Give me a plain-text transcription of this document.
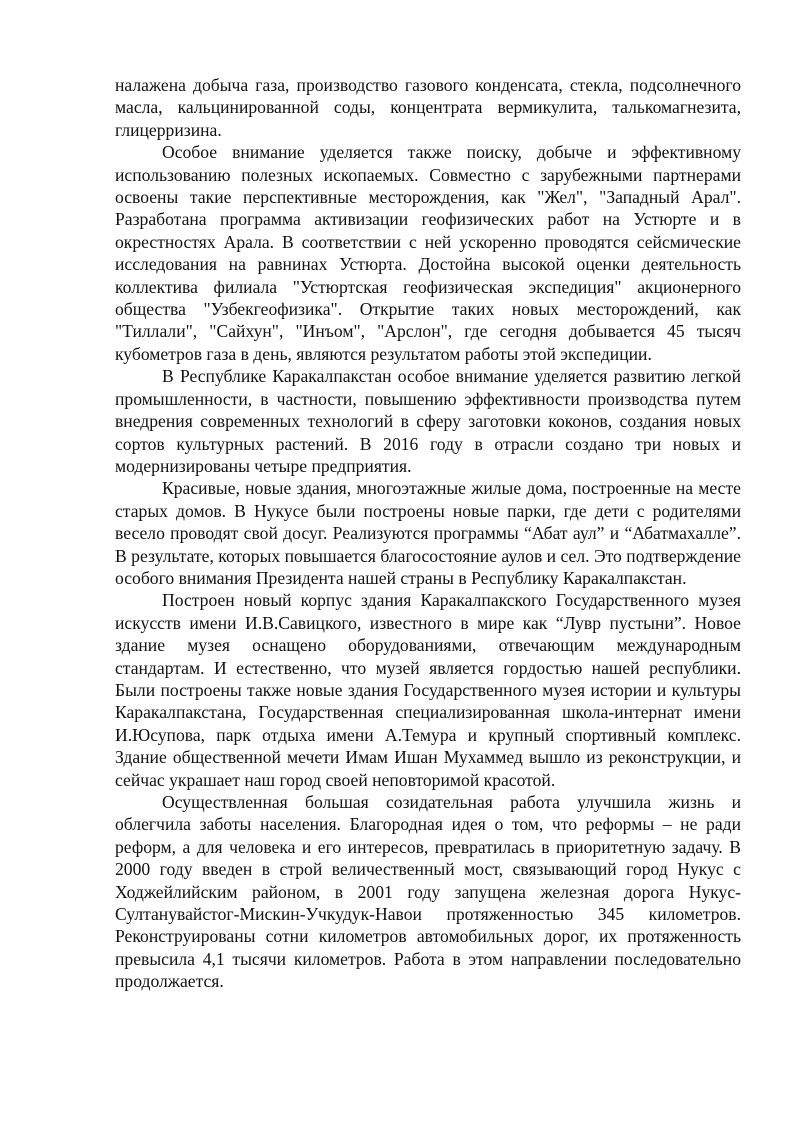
налажена добыча газа, производство газового конденсата, стекла, подсолнечного масла, кальцинированной соды, концентрата вермикулита, талькомагнезита, глицерризина.

Особое внимание уделяется также поиску, добыче и эффективному использованию полезных ископаемых. Совместно с зарубежными партнерами освоены такие перспективные месторождения, как "Жел", "Западный Арал". Разработана программа активизации геофизических работ на Устюрте и в окрестностях Арала. В соответствии с ней ускоренно проводятся сейсмические исследования на равнинах Устюрта. Достойна высокой оценки деятельность коллектива филиала "Устюртская геофизическая экспедиция" акционерного общества "Узбекгеофизика". Открытие таких новых месторождений, как "Тиллали", "Сайхун", "Инъом", "Арслон", где сегодня добывается 45 тысяч кубометров газа в день, являются результатом работы этой экспедиции.

В Республике Каракалпакстан особое внимание уделяется развитию легкой промышленности, в частности, повышению эффективности производства путем внедрения современных технологий в сферу заготовки коконов, создания новых сортов культурных растений. В 2016 году в отрасли создано три новых и модернизированы четыре предприятия.

Красивые, новые здания, многоэтажные жилые дома, построенные на месте старых домов. В Нукусе были построены новые парки, где дети с родителями весело проводят свой досуг. Реализуются программы “Абат аул” и “Абатмахалле”. В результате, которых повышается благосостояние аулов и сел. Это подтверждение особого внимания Президента нашей страны в Республику Каракалпакстан.

Построен новый корпус здания Каракалпакского Государственного музея искусств имени И.В.Савицкого, известного в мире как “Лувр пустыни”. Новое здание музея оснащено оборудованиями, отвечающим международным стандартам. И естественно, что музей является гордостью нашей республики. Были построены также новые здания Государственного музея истории и культуры Каракалпакстана, Государственная специализированная школа-интернат имени И.Юсупова, парк отдыха имени А.Темура и крупный спортивный комплекс. Здание общественной мечети Имам Ишан Мухаммед вышло из реконструкции, и сейчас украшает наш город своей неповторимой красотой.

Осуществленная большая созидательная работа улучшила жизнь и облегчила заботы населения. Благородная идея о том, что реформы – не ради реформ, а для человека и его интересов, превратилась в приоритетную задачу. В 2000 году введен в строй величественный мост, связывающий город Нукус с Ходжейлийским районом, в 2001 году запущена железная дорога Нукус-Султанувайстог-Мискин-Учкудук-Навои протяженностью 345 километров. Реконструированы сотни километров автомобильных дорог, их протяженность превысила 4,1 тысячи километров. Работа в этом направлении последовательно продолжается.
